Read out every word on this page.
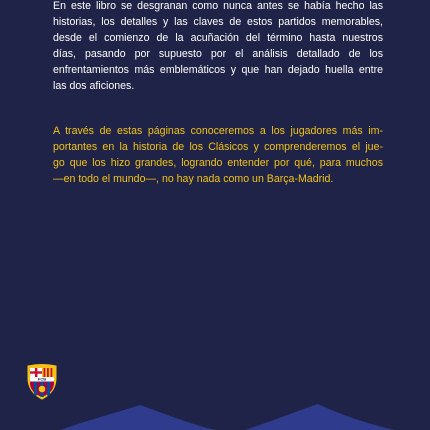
En este libro se desgranan como nunca antes se había hecho las
historias, los detalles y las claves de estos partidos memorables,
desde el comienzo de la acuñación del término hasta nuestros
días, pasando por supuesto por el análisis detallado de los
enfrentamientos más emblemáticos y que han dejado huella entre
las dos aficiones.

A través de estas páginas conoceremos a los jugadores más im-
portantes en la historia de los Clásicos y comprenderemos el jue-
go que los hizo grandes, logrando entender por qué, para muchos
—en todo el mundo—, no hay nada como un Barça-Madrid.

FCB
